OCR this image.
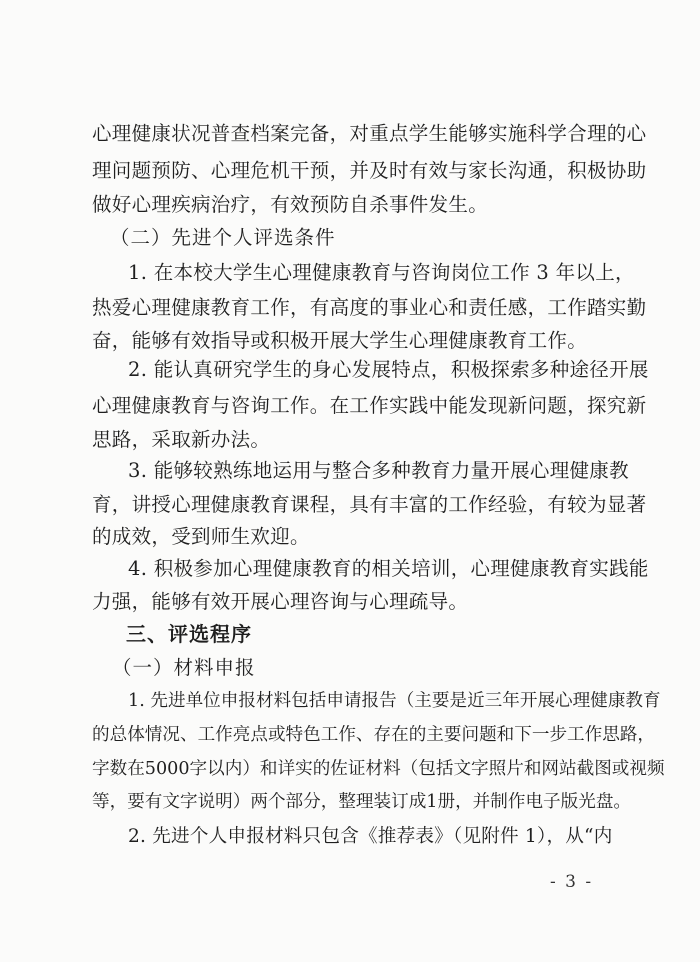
心理健康状况普查档案完备，对重点学生能够实施科学合理的心
理问题预防、心理危机干预，并及时有效与家长沟通，积极协助
做好心理疾病治疗，有效预防自杀事件发生。
（二）先进个人评选条件
1. 在本校大学生心理健康教育与咨询岗位工作 3 年以上，
热爱心理健康教育工作，有高度的事业心和责任感，工作踏实勤
奋，能够有效指导或积极开展大学生心理健康教育工作。
2. 能认真研究学生的身心发展特点，积极探索多种途径开展
心理健康教育与咨询工作。在工作实践中能发现新问题，探究新
思路，采取新办法。
3. 能够较熟练地运用与整合多种教育力量开展心理健康教
育，讲授心理健康教育课程，具有丰富的工作经验，有较为显著
的成效，受到师生欢迎。
4. 积极参加心理健康教育的相关培训，心理健康教育实践能
力强，能够有效开展心理咨询与心理疏导。
三、评选程序
（一）材料申报
1. 先进单位申报材料包括申请报告（主要是近三年开展心理健康教育
的总体情况、工作亮点或特色工作、存在的主要问题和下一步工作思路，
字数在5000字以内）和详实的佐证材料（包括文字照片和网站截图或视频
等，要有文字说明）两个部分，整理装订成1册，并制作电子版光盘。
2. 先进个人申报材料只包含《推荐表》（见附件 1），从“内
- 3 -
